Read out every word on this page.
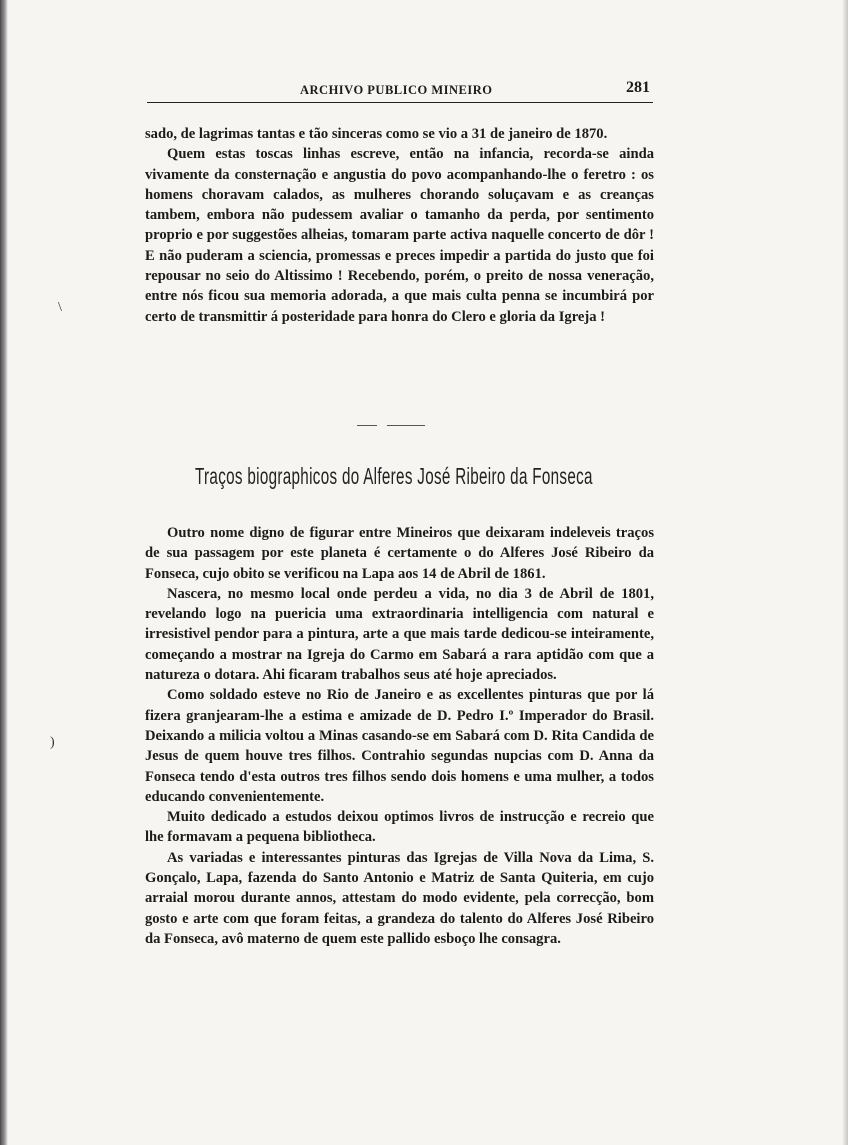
ARCHIVO PUBLICO MINEIRO	281

sado, de lagrimas tantas e tão sinceras como se vio a 31 de janeiro de 1870.

Quem estas toscas linhas escreve, então na infancia, recorda-se ainda vivamente da consternação e angustia do povo acompanhando-lhe o feretro : os homens choravam calados, as mulheres chorando soluçavam e as creanças tambem, embora não pudessem avaliar o tamanho da perda, por sentimento proprio e por suggestões alheias, tomaram parte activa naquelle concerto de dôr ! E não puderam a sciencia, promessas e preces impedir a partida do justo que foi repousar no seio do Altissimo ! Recebendo, porém, o preito de nossa veneração, entre nós ficou sua memoria adorada, a que mais culta penna se incumbirá por certo de transmittir á posteridade para honra do Clero e gloria da Igreja !

Traços biographicos do Alferes José Ribeiro da Fonseca

Outro nome digno de figurar entre Mineiros que deixaram indeleveis traços de sua passagem por este planeta é certamente o do Alferes José Ribeiro da Fonseca, cujo obito se verificou na Lapa aos 14 de Abril de 1861.

Nascera, no mesmo local onde perdeu a vida, no dia 3 de Abril de 1801, revelando logo na puericia uma extraordinaria intelligencia com natural e irresistivel pendor para a pintura, arte a que mais tarde dedicou-se inteiramente, começando a mostrar na Igreja do Carmo em Sabará a rara aptidão com que a natureza o dotara. Ahi ficaram trabalhos seus até hoje apreciados.

Como soldado esteve no Rio de Janeiro e as excellentes pinturas que por lá fizera granjearam-lhe a estima e amizade de D. Pedro I.º Imperador do Brasil. Deixando a milicia voltou a Minas casando-se em Sabará com D. Rita Candida de Jesus de quem houve tres filhos. Contrahio segundas nupcias com D. Anna da Fonseca tendo d'esta outros tres filhos sendo dois homens e uma mulher, a todos educando convenientemente.

Muito dedicado a estudos deixou optimos livros de instrucção e recreio que lhe formavam a pequena bibliotheca.

As variadas e interessantes pinturas das Igrejas de Villa Nova da Lima, S. Gonçalo, Lapa, fazenda do Santo Antonio e Matriz de Santa Quiteria, em cujo arraial morou durante annos, attestam do modo evidente, pela correcção, bom gosto e arte com que foram feitas, a grandeza do talento do Alferes José Ribeiro da Fonseca, avô materno de quem este pallido esboço lhe consagra.

\
)
